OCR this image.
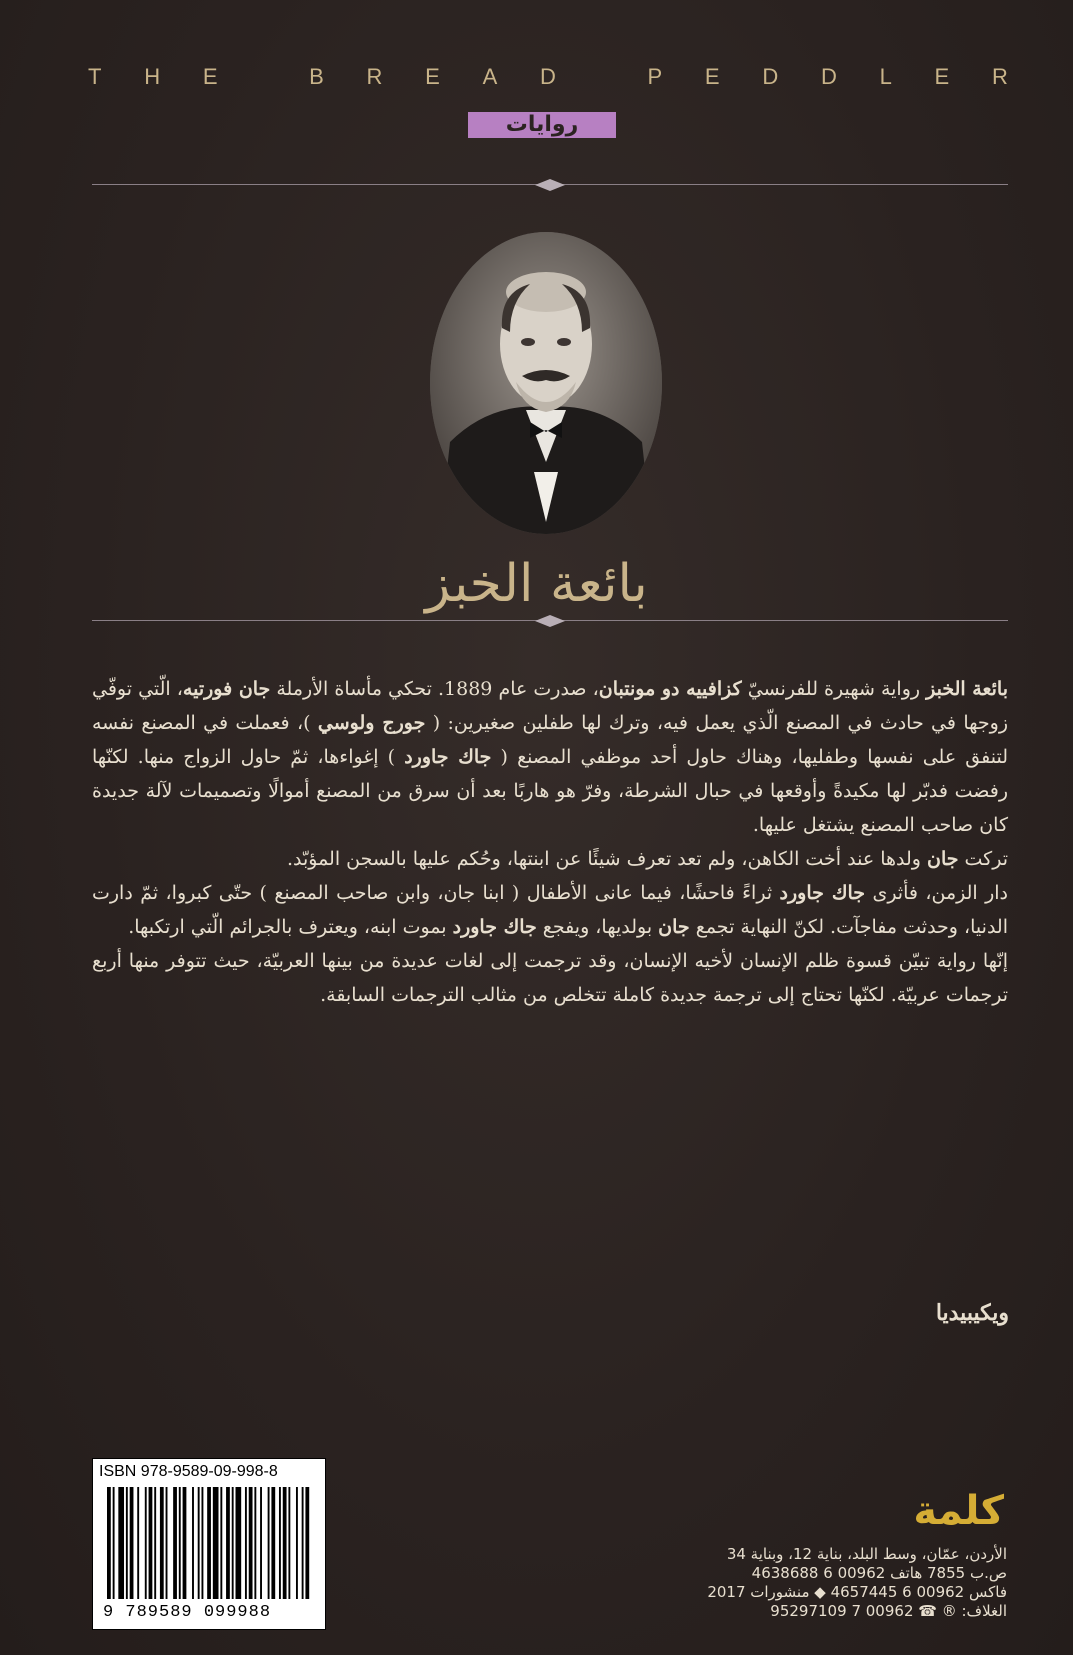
T H E
	B R E A D
	P E D D L E R
روايات
بائعة الخبز

بائعة الخبز رواية شهيرة للفرنسيّ كزافييه دو مونتبان، صدرت عام 1889. تحكي مأساة الأرملة جان فورتيه، الّتي توفّي زوجها في حادث في المصنع الّذي يعمل فيه، وترك لها طفلين صغيرين: ( جورج ولوسي )، فعملت في المصنع نفسه لتنفق على نفسها وطفليها، وهناك حاول أحد موظفي المصنع ( جاك جاورد ) إغواءها، ثمّ حاول الزواج منها. لكنّها رفضت فدبّر لها مكيدةً وأوقعها في حبال الشرطة، وفرّ هو هاربًا بعد أن سرق من المصنع أموالًا وتصميمات لآلة جديدة كان صاحب المصنع يشتغل عليها.

تركت جان ولدها عند أخت الكاهن، ولم تعد تعرف شيئًا عن ابنتها، وحُكم عليها بالسجن المؤبّد.

دار الزمن، فأثرى جاك جاورد ثراءً فاحشًا، فيما عانى الأطفال ( ابنا جان، وابن صاحب المصنع ) حتّى كبروا، ثمّ دارت الدنيا، وحدثت مفاجآت. لكنّ النهاية تجمع جان بولديها، ويفجع جاك جاورد بموت ابنه، ويعترف بالجرائم الّتي ارتكبها.

إنّها رواية تبيّن قسوة ظلم الإنسان لأخيه الإنسان، وقد ترجمت إلى لغات عديدة من بينها العربيّة، حيث تتوفر منها أربع ترجمات عربيّة. لكنّها تحتاج إلى ترجمة جديدة كاملة تتخلص من مثالب الترجمات السابقة.

ويكيبيديا
ISBN 978-9589-09-998-8
9 789589 099988
كلمة
الأردن، عمّان، وسط البلد، بناية 12، وبناية 34
ص.ب 7855 هاتف 00962 6 4638688
فاكس 00962 6 4657445 ◆ منشورات 2017
الغلاف: ® ☎ 00962 7 95297109
